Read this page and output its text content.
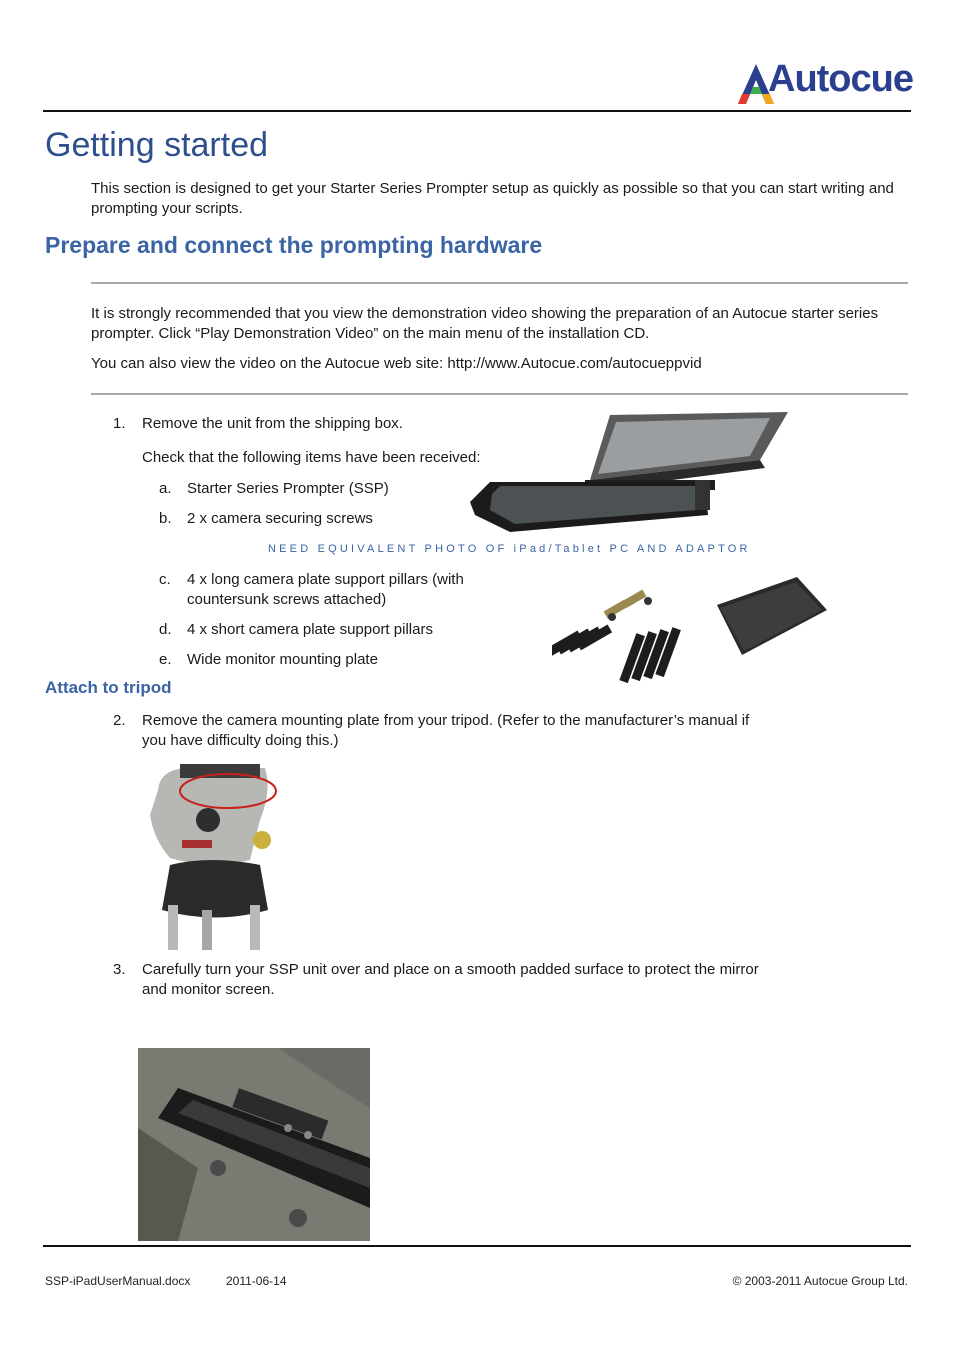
Autocue
Getting started

This section is designed to get your Starter Series Prompter setup as quickly as possible so that you can start writing and prompting your scripts.

Prepare and connect the prompting hardware

It is strongly recommended that you view the demonstration video showing the preparation of an Autocue starter series prompter. Click “Play Demonstration Video” on the main menu of the installation CD.

You can also view the video on the Autocue web site: http://www.Autocue.com/autocueppvid

1. Remove the unit from the shipping box.

Check that the following items have been received:

a. Starter Series Prompter (SSP)

b. 2 x camera securing screws

NEED EQUIVALENT PHOTO OF iPad/Tablet PC AND ADAPTOR
c. 4 x long camera plate support pillars (with countersunk screws attached)

d. 4 x short camera plate support pillars

e. Wide monitor mounting plate

Attach to tripod
2. Remove the camera mounting plate from your tripod. (Refer to the manufacturer’s manual if you have difficulty doing this.)

3. Carefully turn your SSP unit over and place on a smooth padded surface to protect the mirror and monitor screen.

SSP-iPadUserManual.docx	2011-06-14	© 2003-2011 Autocue Group Ltd.
